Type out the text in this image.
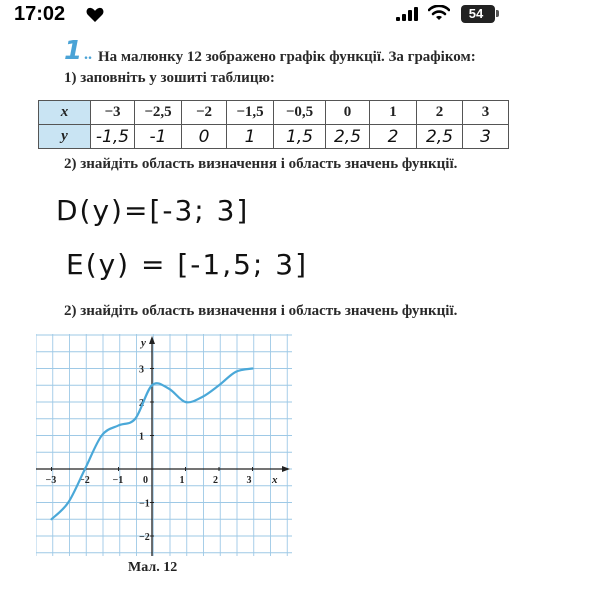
17:02	54
1 .. На малюнку 12 зображено графік функції. За графіком:
1) заповніть у зошиті таблицю:
x	−3	−2,5	−2	−1,5	−0,5	0	1	2	3
y	-1,5	-1	0	1	1,5	2,5	2	2,5	3
2) знайдіть область визначення і область значень функції.
D(y)=[-3; 3]
E(y) = [-1,5; 3]
2) знайдіть область визначення і область значень функції.
x
y
0
−3 −2 −1	1	2	3
3
2
1
−1
−2
Мал. 12
